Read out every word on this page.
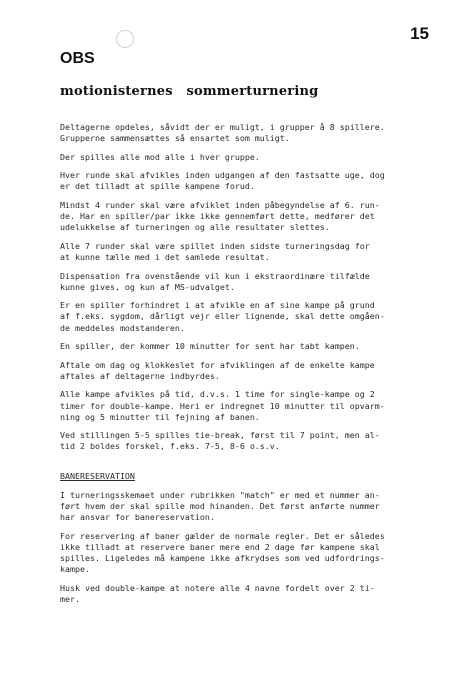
15
OBS
motionisternes sommerturnering
Deltagerne opdeles, såvidt der er muligt, i grupper å 8 spillere.
Grupperne sammensættes så ensartet som muligt.
Der spilles alle mod alle i hver gruppe.
Hver runde skal afvikles inden udgangen af den fastsatte uge, dog
er det tilladt at spille kampene forud.
Mindst 4 runder skal være afviklet inden påbegyndelse af 6. run-
de. Har en spiller/par ikke ikke gennemført dette, medfører det
udelukkelse af turneringen og alle resultater slettes.
Alle 7 runder skal være spillet inden sidste turneringsdag for
at kunne tælle med i det samlede resultat.
Dispensation fra ovenstående vil kun i ekstraordinære tilfælde
kunne gives, og kun af MS-udvalget.
Er en spiller forhindret i at afvikle en af sine kampe på grund
af f.eks. sygdom, dårligt vejr eller lignende, skal dette omgåen-
de meddeles modstanderen.
En spiller, der kommer 10 minutter for sent har tabt kampen.
Aftale om dag og klokkeslet for afviklingen af de enkelte kampe
aftales af deltagerne indbyrdes.
Alle kampe afvikles på tid, d.v.s. 1 time for single-kampe og 2
timer for double-kampe. Heri er indregnet 10 minutter til opvarm-
ning og 5 minutter til fejning af banen.
Ved stillingen 5-5 spilles tie-break, først til 7 point, men al-
tid 2 boldes forskel, f.eks. 7-5, 8-6 o.s.v.
BANERESERVATION
I turneringsskemaet under rubrikken "match" er med et nummer an-
ført hvem der skal spille mod hinanden. Det først anførte nummer
har ansvar for banereservation.
For reservering af baner gælder de normale regler. Det er således
ikke tilladt at reservere baner mere end 2 dage før kampene skal
spilles. Ligeledes må kampene ikke afkrydses som ved udfordrings-
kampe.
Husk ved double-kampe at notere alle 4 navne fordelt over 2 ti-
mer.
